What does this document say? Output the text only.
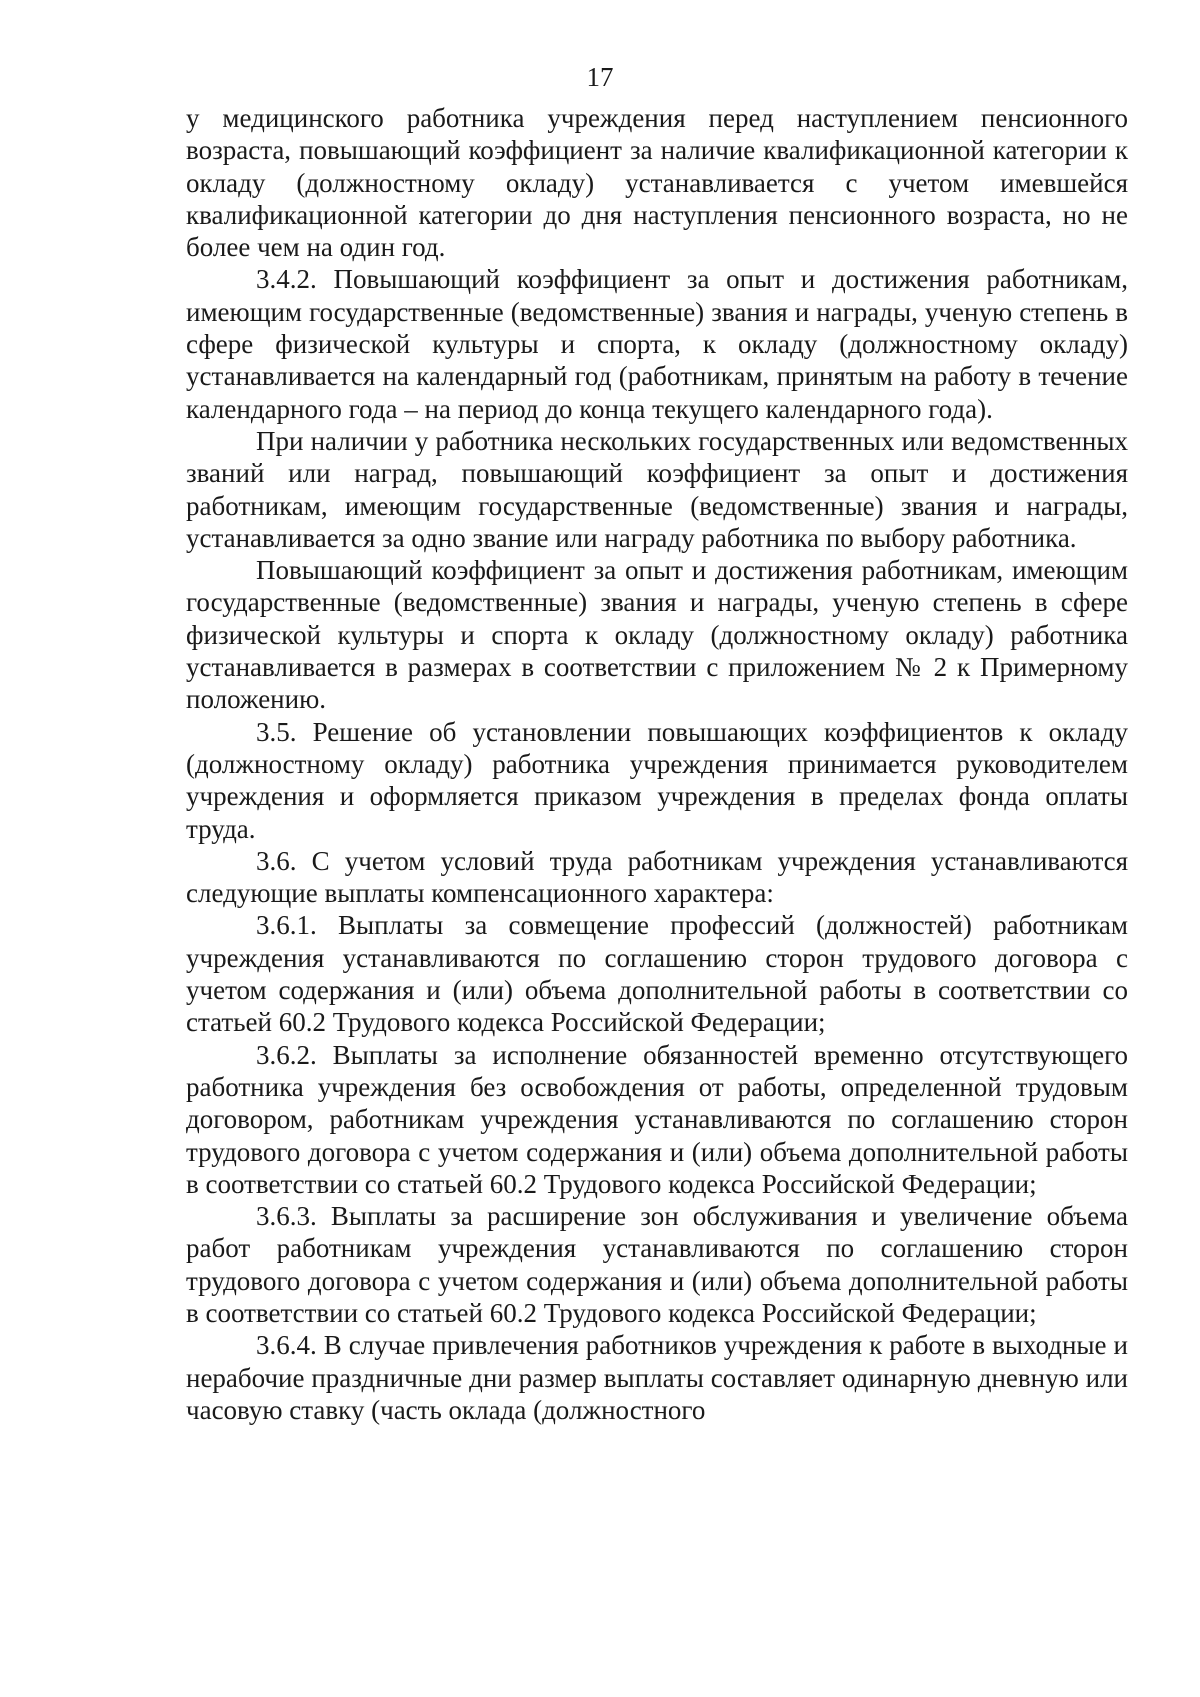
17

у медицинского работника учреждения перед наступлением пенсионного возраста, повышающий коэффициент за наличие квалификационной категории к окладу (должностному окладу) устанавливается с учетом имевшейся квалификационной категории до дня наступления пенсионного возраста, но не более чем на один год.

3.4.2. Повышающий коэффициент за опыт и достижения работникам, имеющим государственные (ведомственные) звания и награды, ученую степень в сфере физической культуры и спорта, к окладу (должностному окладу) устанавливается на календарный год (работникам, принятым на работу в течение календарного года – на период до конца текущего календарного года).

При наличии у работника нескольких государственных или ведомственных званий или наград, повышающий коэффициент за опыт и достижения работникам, имеющим государственные (ведомственные) звания и награды, устанавливается за одно звание или награду работника по выбору работника.

Повышающий коэффициент за опыт и достижения работникам, имеющим государственные (ведомственные) звания и награды, ученую степень в сфере физической культуры и спорта к окладу (должностному окладу) работника устанавливается в размерах в соответствии с приложением № 2 к Примерному положению.

3.5. Решение об установлении повышающих коэффициентов к окладу (должностному окладу) работника учреждения принимается руководителем учреждения и оформляется приказом учреждения в пределах фонда оплаты труда.

3.6. С учетом условий труда работникам учреждения устанавливаются следующие выплаты компенсационного характера:

3.6.1. Выплаты за совмещение профессий (должностей) работникам учреждения устанавливаются по соглашению сторон трудового договора с учетом содержания и (или) объема дополнительной работы в соответствии со статьей 60.2 Трудового кодекса Российской Федерации;

3.6.2. Выплаты за исполнение обязанностей временно отсутствующего работника учреждения без освобождения от работы, определенной трудовым договором, работникам учреждения устанавливаются по соглашению сторон трудового договора с учетом содержания и (или) объема дополнительной работы в соответствии со статьей 60.2 Трудового кодекса Российской Федерации;

3.6.3. Выплаты за расширение зон обслуживания и увеличение объема работ работникам учреждения устанавливаются по соглашению сторон трудового договора с учетом содержания и (или) объема дополнительной работы в соответствии со статьей 60.2 Трудового кодекса Российской Федерации;

3.6.4. В случае привлечения работников учреждения к работе в выходные и нерабочие праздничные дни размер выплаты составляет одинарную дневную или часовую ставку (часть оклада (должностного
